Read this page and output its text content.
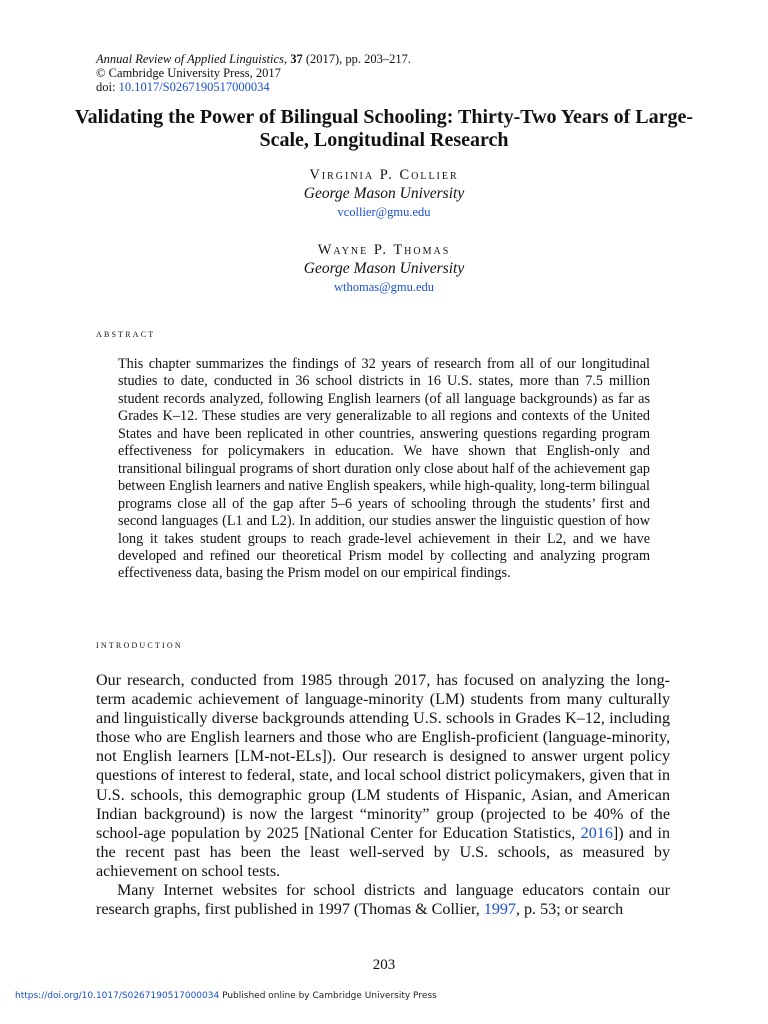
Annual Review of Applied Linguistics, 37 (2017), pp. 203–217.
© Cambridge University Press, 2017
doi: 10.1017/S0267190517000034
Validating the Power of Bilingual Schooling: Thirty-Two Years of Large-Scale, Longitudinal Research
Virginia P. Collier
George Mason University
vcollier@gmu.edu
Wayne P. Thomas
George Mason University
wthomas@gmu.edu
abstract
This chapter summarizes the findings of 32 years of research from all of our longitudinal studies to date, conducted in 36 school districts in 16 U.S. states, more than 7.5 million student records analyzed, following English learners (of all language backgrounds) as far as Grades K–12. These studies are very generalizable to all regions and contexts of the United States and have been replicated in other countries, answering questions regarding program effectiveness for policymakers in education. We have shown that English-only and transitional bilingual programs of short duration only close about half of the achievement gap between English learners and native English speakers, while high-quality, long-term bilingual programs close all of the gap after 5–6 years of schooling through the students’ first and second languages (L1 and L2). In addition, our studies answer the linguistic question of how long it takes student groups to reach grade-level achievement in their L2, and we have developed and refined our theoretical Prism model by collecting and analyzing program effectiveness data, basing the Prism model on our empirical findings.
introduction

Our research, conducted from 1985 through 2017, has focused on analyzing the long-term academic achievement of language-minority (LM) students from many culturally and linguistically diverse backgrounds attending U.S. schools in Grades K–12, including those who are English learners and those who are English-proficient (language-minority, not English learners [LM-not-ELs]). Our research is designed to answer urgent policy questions of interest to federal, state, and local school district policymakers, given that in U.S. schools, this demographic group (LM students of Hispanic, Asian, and American Indian background) is now the largest “minority” group (projected to be 40% of the school-age population by 2025 [National Center for Education Statistics, 2016]) and in the recent past has been the least well-served by U.S. schools, as measured by achievement on school tests.

Many Internet websites for school districts and language educators contain our research graphs, first published in 1997 (Thomas & Collier, 1997, p. 53; or search

203
https://doi.org/10.1017/S0267190517000034 Published online by Cambridge University Press
